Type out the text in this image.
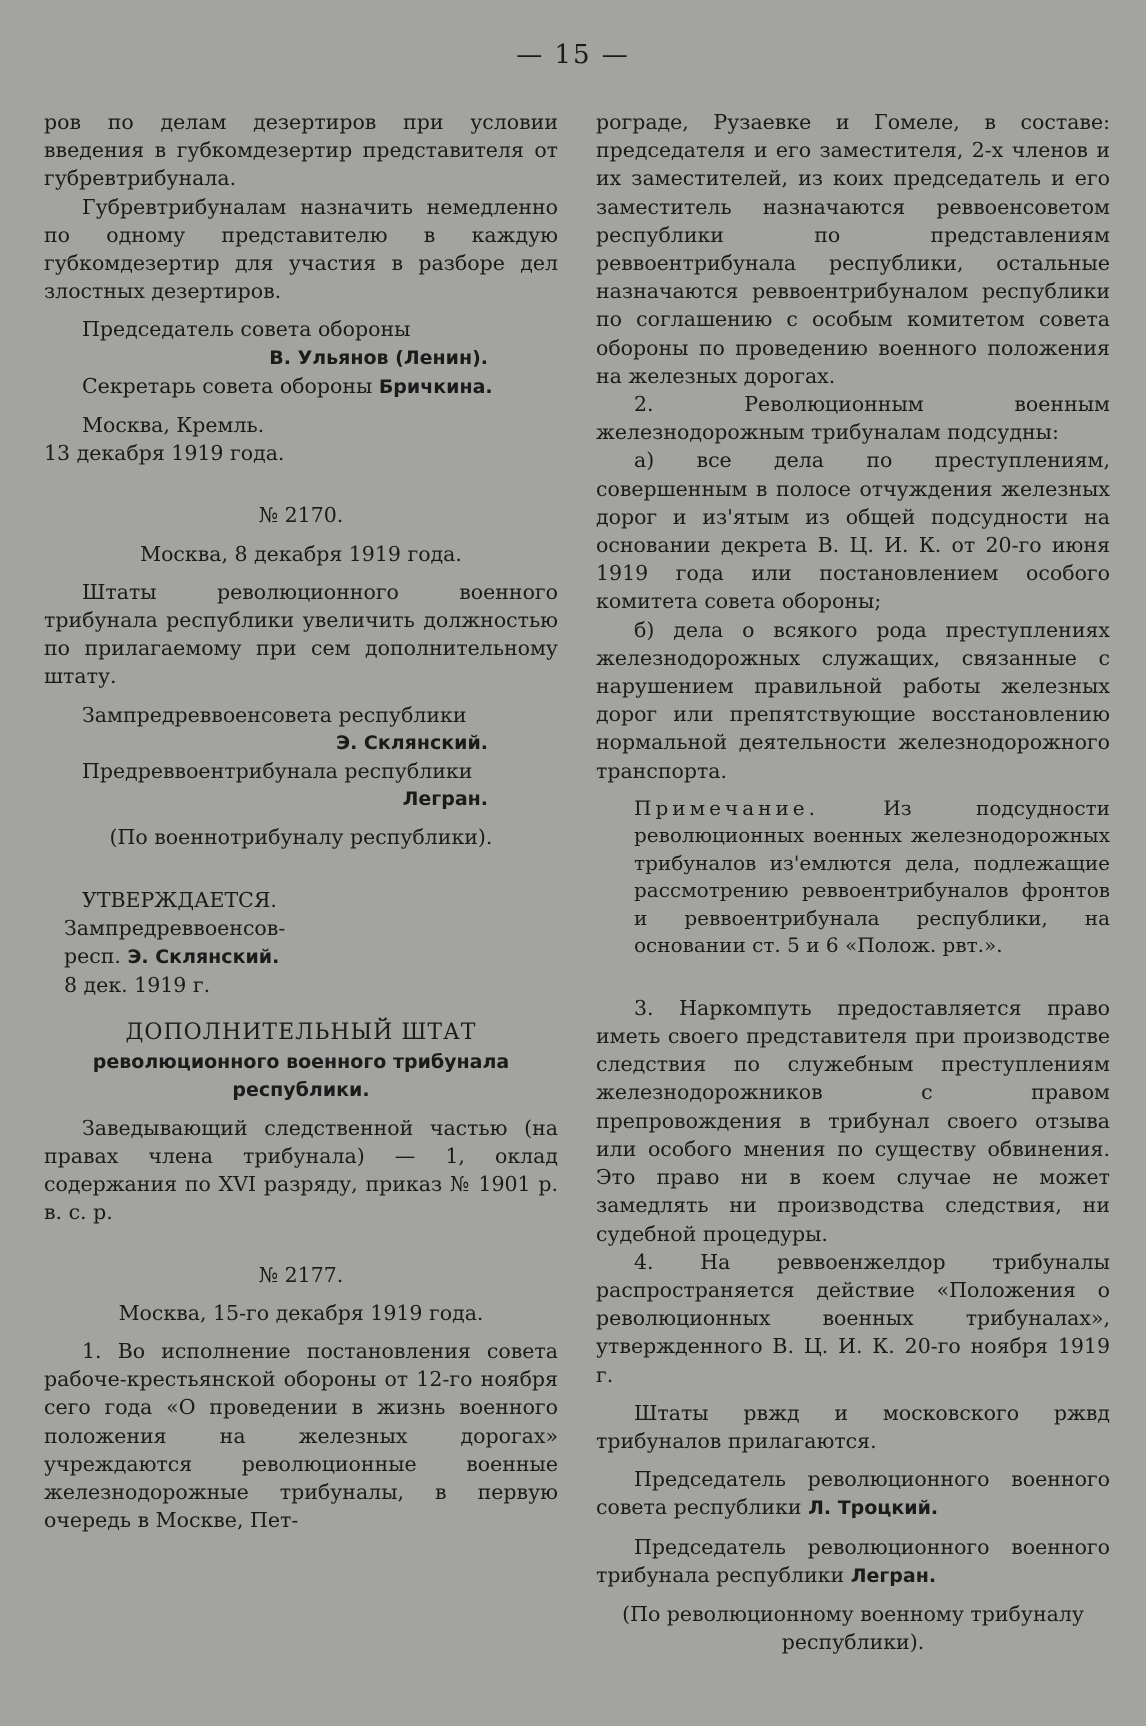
— 15 —

ров по делам дезертиров при условии введения в губкомдезертир представителя от губревтрибунала.

Губревтрибуналам назначить немедленно по одному представителю в каждую губкомдезертир для участия в разборе дел злостных дезертиров.

Председатель совета обороны

В. Ульянов (Ленин).

Секретарь совета обороны Бричкина.

Москва, Кремль.

13 декабря 1919 года.

№ 2170.

Москва, 8 декабря 1919 года.

Штаты революционного военного трибунала республики увеличить должностью по прилагаемому при сем дополнительному штату.

Зампредреввоенсовета республики

Э. Склянский.

Предреввоентрибунала республики

Легран.

(По военнотрибуналу республики).

УТВЕРЖДАЕТСЯ.

Зампредреввоенсов-

респ. Э. Склянский.

8 дек. 1919 г.

ДОПОЛНИТЕЛЬНЫЙ ШТАТ

революционного военного трибунала республики.

Заведывающий следственной частью (на правах члена трибунала) — 1, оклад содержания по XVI разряду, приказ № 1901 р. в. с. р.

№ 2177.

Москва, 15-го декабря 1919 года.

1. Во исполнение постановления совета рабоче-крестьянской обороны от 12-го ноября сего года «О проведении в жизнь военного положения на железных дорогах» учреждаются революционные военные железнодорожные трибуналы, в первую очередь в Москве, Пет-

рограде, Рузаевке и Гомеле, в составе: председателя и его заместителя, 2-х членов и их заместителей, из коих председатель и его заместитель назначаются реввоенсоветом республики по представлениям реввоентрибунала республики, остальные назначаются реввоентрибуналом республики по соглашению с особым комитетом совета обороны по проведению военного положения на железных дорогах.

2. Революционным военным железнодорожным трибуналам подсудны:

а) все дела по преступлениям, совершенным в полосе отчуждения железных дорог и из'ятым из общей подсудности на основании декрета В. Ц. И. К. от 20-го июня 1919 года или постановлением особого комитета совета обороны;

б) дела о всякого рода преступлениях железнодорожных служащих, связанные с нарушением правильной работы железных дорог или препятствующие восстановлению нормальной деятельности железнодорожного транспорта.

Примечание.	Из подсудности революционных военных железнодорожных трибуналов из'емлются дела, подлежащие рассмотрению реввоентрибуналов фронтов и реввоентрибунала республики, на основании ст. 5 и 6 «Полож. рвт.».

3. Наркомпуть предоставляется право иметь своего представителя при производстве следствия по служебным преступлениям железнодорожников с правом препровождения в трибунал своего отзыва или особого мнения по существу обвинения. Это право ни в коем случае не может замедлять ни производства следствия, ни судебной процедуры.

4. На реввоенжелдор трибуналы распространяется действие «Положения о революционных военных трибуналах», утвержденного В. Ц. И. К. 20-го ноября 1919 г.

Штаты рвжд и московского ржвд трибуналов прилагаются.

Председатель революционного военного совета республики Л. Троцкий.

Председатель революционного военного трибунала республики Легран.

(По революционному военному трибуналу республики).
